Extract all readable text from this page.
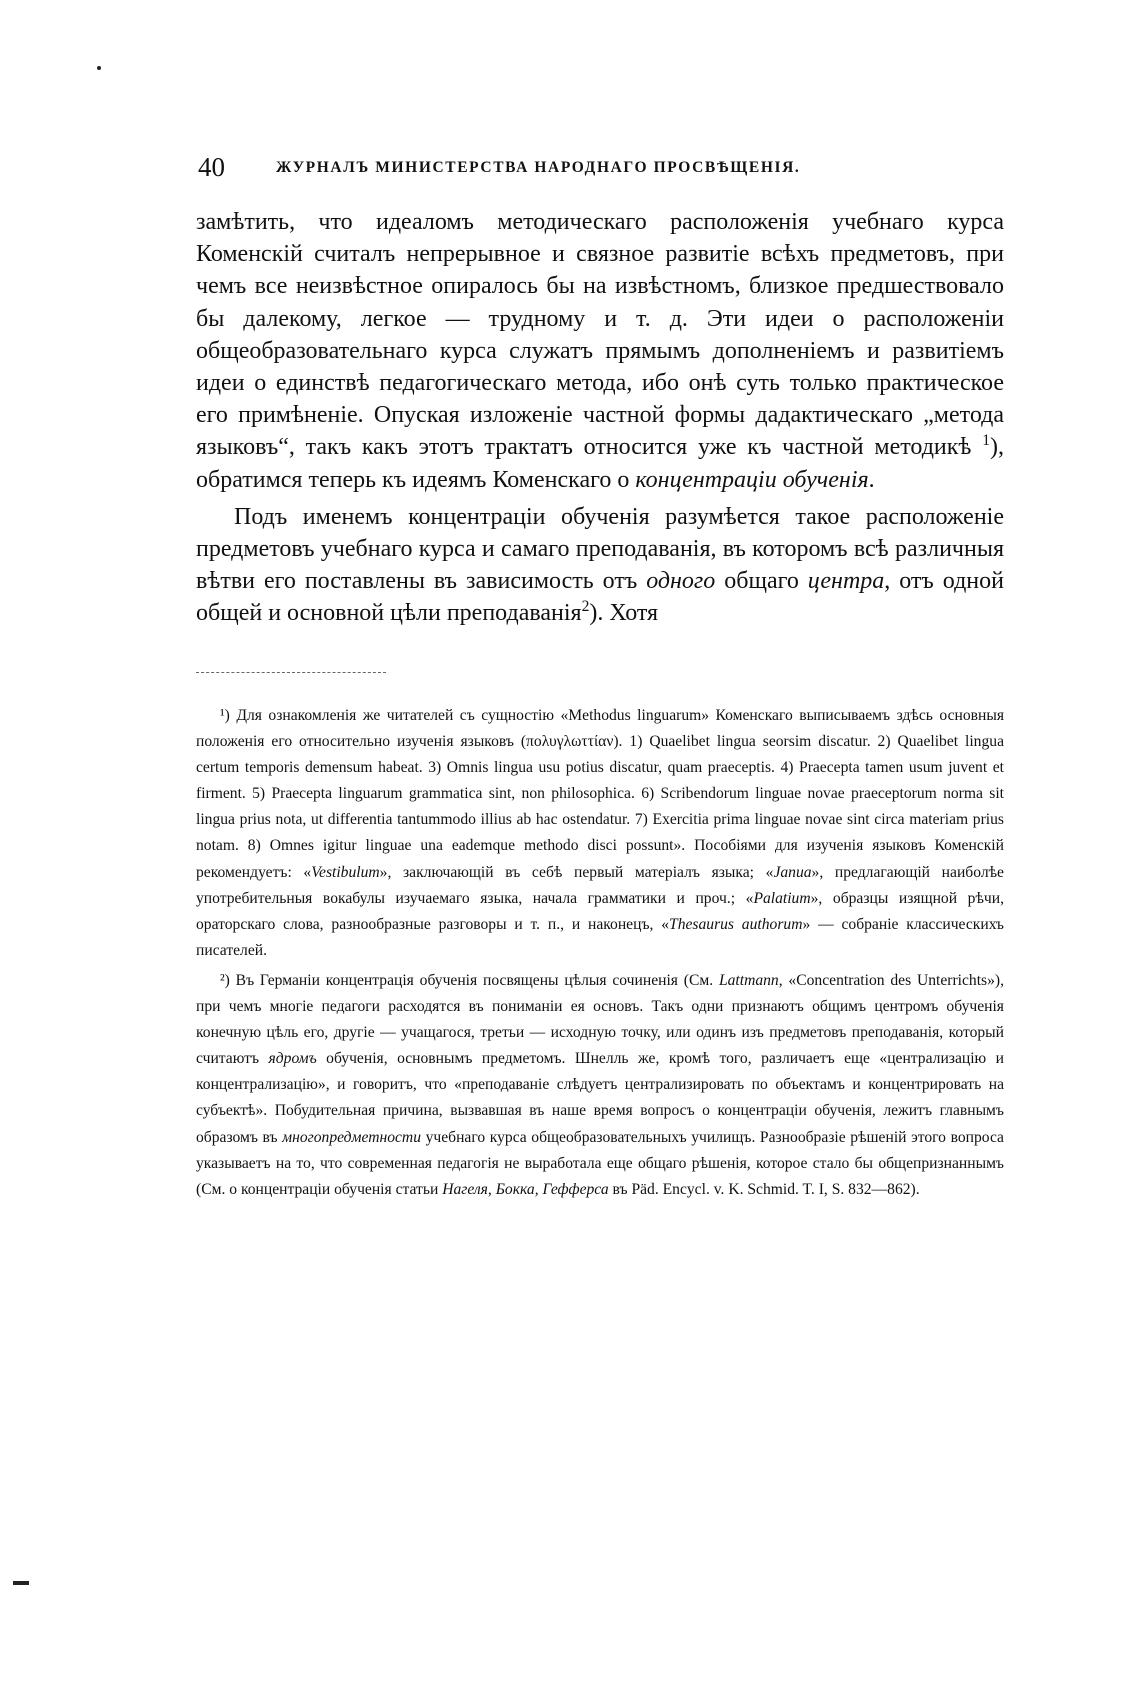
40	ЖУРНАЛЪ МИНИСТЕРСТВА НАРОДНАГО ПРОСВѢЩЕНІЯ.

замѣтить, что идеаломъ методическаго расположенія учебнаго курса Коменскій считалъ непрерывное и связное развитіе всѣхъ предметовъ, при чемъ все неизвѣстное опиралось бы на извѣстномъ, близкое предшествовало бы далекому, легкое — трудному и т. д. Эти идеи о расположеніи общеобразовательнаго курса служатъ прямымъ дополненіемъ и развитіемъ идеи о единствѣ педагогическаго метода, ибо онѣ суть только практическое его примѣненіе. Опуская изложеніе частной формы дадактическаго „метода языковъ“, такъ какъ этотъ трактатъ относится уже къ частной методикѣ $^1$), обратимся теперь къ идеямъ Коменскаго о концентраціи обученія.

Подъ именемъ концентраціи обученія разумѣется такое расположеніе предметовъ учебнаго курса и самаго преподаванія, въ которомъ всѣ различныя вѣтви его поставлены въ зависимость отъ одного общаго центра, отъ одной общей и основной цѣли преподаванія$^2$). Хотя

¹) Для ознакомленія же читателей съ сущностію «Methodus linguarum» Коменскаго выписываемъ здѣсь основныя положенія его относительно изученія языковъ (πολυγλωττίαν). 1) Quaelibet lingua seorsim discatur. 2) Quaelibet lingua certum temporis demensum habeat. 3) Omnis lingua usu potius discatur, quam praeceptis. 4) Praecepta tamen usum juvent et firment. 5) Praecepta linguarum grammatica sint, non philosophica. 6) Scribendorum linguae novae praeceptorum norma sit lingua prius nota, ut differentia tantummodo illius ab hac ostendatur. 7) Exercitia prima linguae novae sint circa materiam prius notam. 8) Omnes igitur linguae una eademque methodo disci possunt». Пособіями для изученія языковъ Коменскій рекомендуетъ: «Vestibulum», заключающій въ себѣ первый матеріалъ языка; «Janua», предлагающій наиболѣе употребительныя вокабулы изучаемаго языка, начала грамматики и проч.; «Palatium», образцы изящной рѣчи, ораторскаго слова, разнообразные разговоры и т. п., и наконецъ, «Thesaurus authorum» — собраніе классическихъ писателей.

²) Въ Германіи концентрація обученія посвящены цѣлыя сочиненія (См. Lattmann, «Concentration des Unterrichts»), при чемъ многіе педагоги расходятся въ пониманіи ея основъ. Такъ одни признаютъ общимъ центромъ обученія конечную цѣль его, другіе — учащагося, третьи — исходную точку, или одинъ изъ предметовъ преподаванія, который считаютъ ядромъ обученія, основнымъ предметомъ. Шнелль же, кромѣ того, различаетъ еще «централизацію и концентрализацію», и говоритъ, что «преподаваніе слѣдуетъ централизировать по объектамъ и концентрировать на субъектѣ». Побудительная причина, вызвавшая въ наше время вопросъ о концентраціи обученія, лежитъ главнымъ образомъ въ многопредметности учебнаго курса общеобразовательныхъ училищъ. Разнообразіе рѣшеній этого вопроса указываетъ на то, что современная педагогія не выработала еще общаго рѣшенія, которое стало бы общепризнаннымъ (См. о концентраціи обученія статьи Нагеля, Бокка, Гефферса въ Päd. Encycl. v. K. Schmid. T. I, S. 832—862).
